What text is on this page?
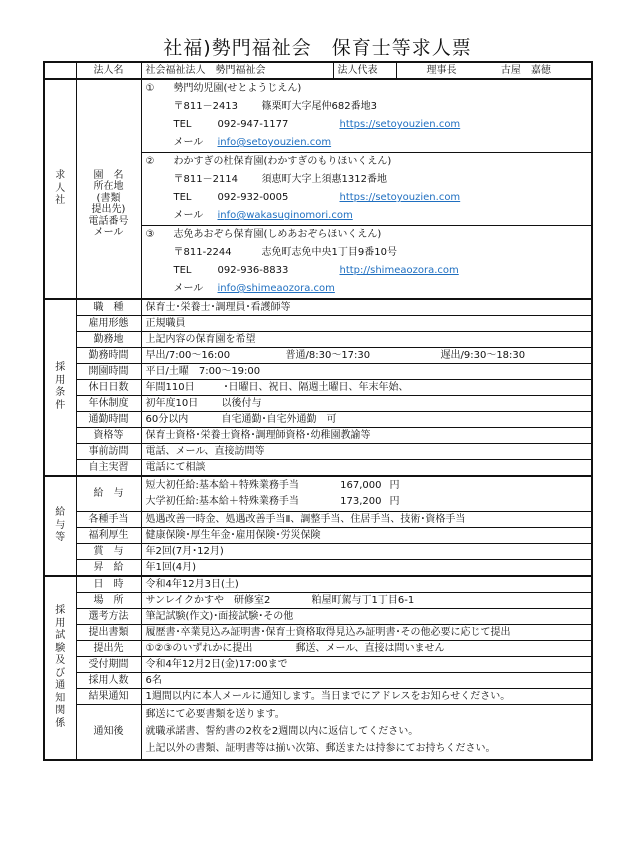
社福)勢門福祉会　保育士等求人票
	法人名	社会福祉法人　勢門福祉会	法人代表	理事長 古屋　嘉徳
求人社	
園　名
所在地
(書類
提出先)
電話番号
メール

①	勢門幼児園(せとようじえん)
〒811－2413	篠栗町大字尾仲682番地3
TEL	092-947-1177	https://setoyouzien.com
メール	info@setoyouzien.com

②	わかすぎの杜保育園(わかすぎのもりほいくえん)
〒811－2114	須恵町大字上須惠1312番地
TEL	092-932-0005	https://setoyouzien.com
メール	info@wakasuginomori.com

③	志免あおぞら保育園(しめあおぞらほいくえん)
〒811-2244	志免町志免中央1丁目9番10号
TEL	092-936-8833	http://shimeaozora.com
メール	info@shimeaozora.com

採用条件	職　種	保育士･栄養士･調理員･看護師等		
	雇用形態	正規職員		
	勤務地	上記内容の保育園を希望		
	勤務時間	早出/7:00～16:00 普通/8:30～17:30 遅出/9:30～18:30		
	開園時間	平日/土曜　7:00～19:00		
	休日日数	年間110日 ･日曜日、祝日、隔週土曜日、年末年始、		
	年休制度	初年度10日 以後付与		
	通勤時間	60分以内 自宅通勤･自宅外通勤　可		
	資格等	保育士資格･栄養士資格･調理師資格･幼稚園教諭等		
	事前訪問	電話、メール、直接訪問等		
	自主実習	電話にて相談		
給与等	給　与	短大初任給:基本給＋特殊業務手当 167,000 円
大学初任給:基本給＋特殊業務手当 173,200 円		

	各種手当	処遇改善一時金、処遇改善手当Ⅱ、調整手当、住居手当、技術･資格手当		
	福利厚生	健康保険･厚生年金･雇用保険･労災保険		
	賞　与	年2回(7月･12月)		
	昇　給	年1回(4月)		
採用試験及び通知関係	日　時	令和4年12月3日(土)		
	場　所	サンレイクかすや　研修室2 粕屋町駕与丁1丁目6-1		
	選考方法	筆記試験(作文)･面接試験･その他		
	提出書類	履歴書･卒業見込み証明書･保育士資格取得見込み証明書･その他必要に応じて提出		
	提出先	①②③のいずれかに提出 郵送、メール、直接は問いません		
	受付期間	令和4年12月2日(金)17:00まで		
	採用人数	6名		
	結果通知	1週間以内に本人メールに通知します。当日までにアドレスをお知らせください。		
	通知後	郵送にて必要書類を送ります。
就職承諾書、誓約書の2枚を2週間以内に返信してください。
上記以外の書類、証明書等は揃い次第、郵送または持参にてお持ちください。		
